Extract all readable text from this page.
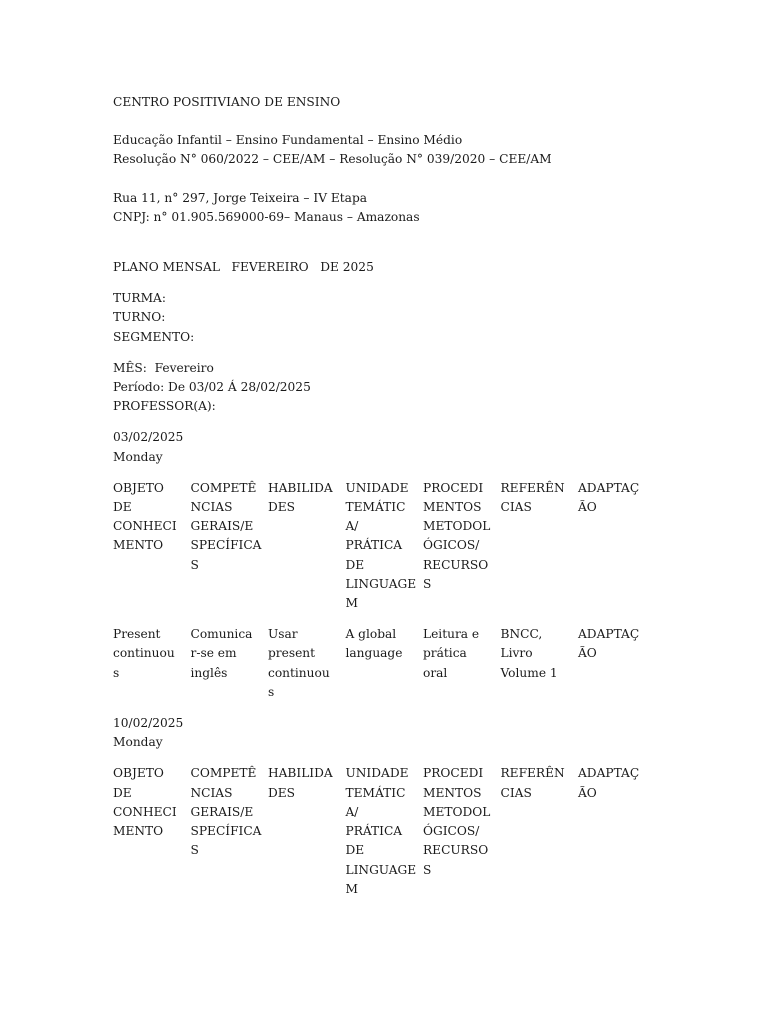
CENTRO POSITIVIANO DE ENSINO
Educação Infantil – Ensino Fundamental – Ensino Médio
Resolução N° 060/2022 – CEE/AM – Resolução N° 039/2020 – CEE/AM
Rua 11, n° 297, Jorge Teixeira – IV Etapa
CNPJ: n° 01.905.569000-69– Manaus – Amazonas
PLANO MENSAL   FEVEREIRO   DE 2025
TURMA:
TURNO:
SEGMENTO:
MÊS:  Fevereiro
Período: De 03/02 Á 28/02/2025
PROFESSOR(A):
03/02/2025
Monday
OBJETO
DE
CONHECI
MENTO
COMPETÊ
NCIAS
GERAIS/E
SPECÍFICA
S
HABILIDA
DES
UNIDADE
TEMÁTIC
A/
PRÁTICA
DE
LINGUAGE
M
PROCEDI
MENTOS
METODOL
ÓGICOS/
RECURSO
S
REFERÊN
CIAS
ADAPTAÇ
ÃO
Present
continuou
s
Comunica
r-se em
inglês
Usar
present
continuou
s
A global
language
Leitura e
prática
oral
BNCC,
Livro
Volume 1
ADAPTAÇ
ÃO
10/02/2025
Monday
OBJETO
DE
CONHECI
MENTO
COMPETÊ
NCIAS
GERAIS/E
SPECÍFICA
S
HABILIDA
DES
UNIDADE
TEMÁTIC
A/
PRÁTICA
DE
LINGUAGE
M
PROCEDI
MENTOS
METODOL
ÓGICOS/
RECURSO
S
REFERÊN
CIAS
ADAPTAÇ
ÃO
